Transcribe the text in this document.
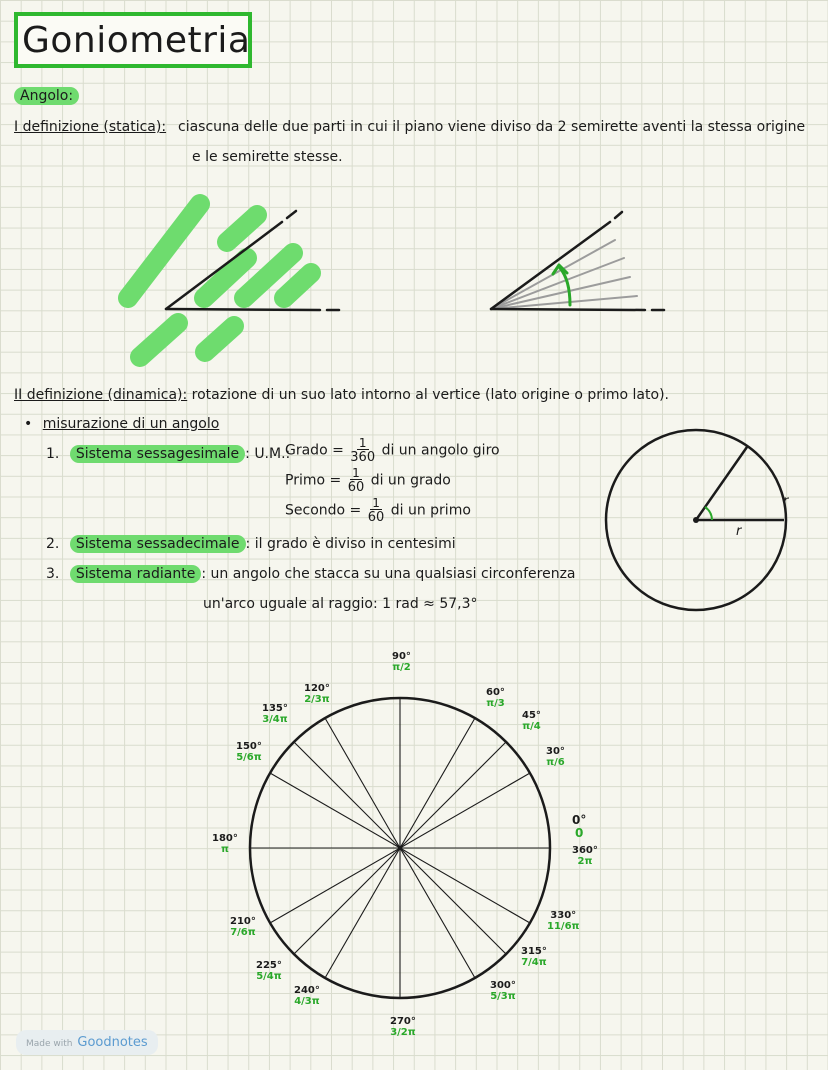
Goniometria
Angolo:
I definizione (statica): ciascuna delle due parti in cui il piano viene diviso da 2 semirette aventi la stessa origine
e le semirette stesse.
II definizione (dinamica): rotazione di un suo lato intorno al vertice (lato origine o primo lato).
• misurazione di un angolo
1. Sistema sessagesimale : U.M.:
Grado = $\frac{1}{360}$ di un angolo giro
Primo = $\frac{1}{60}$ di un grado
Secondo = $\frac{1}{60}$ di un primo
2. Sistema sessadecimale : il grado è diviso in centesimi
3. Sistema radiante : un angolo che stacca su una qualsiasi circonferenza
un'arco uguale al raggio: 1 rad ≈ 57,3°
r
r
90°
π/2
120°
2/3π
60°
π/3
135°
3/4π	45°
π/4
150°
5/6π	30°
π/6
0°
0
180°
π	360°
2π
210°
7/6π
330°
11/6π
225°
5/4π
315°
7/4π
240°
4/3π
300°
5/3π
270°
3/2π
Made with Goodnotes
